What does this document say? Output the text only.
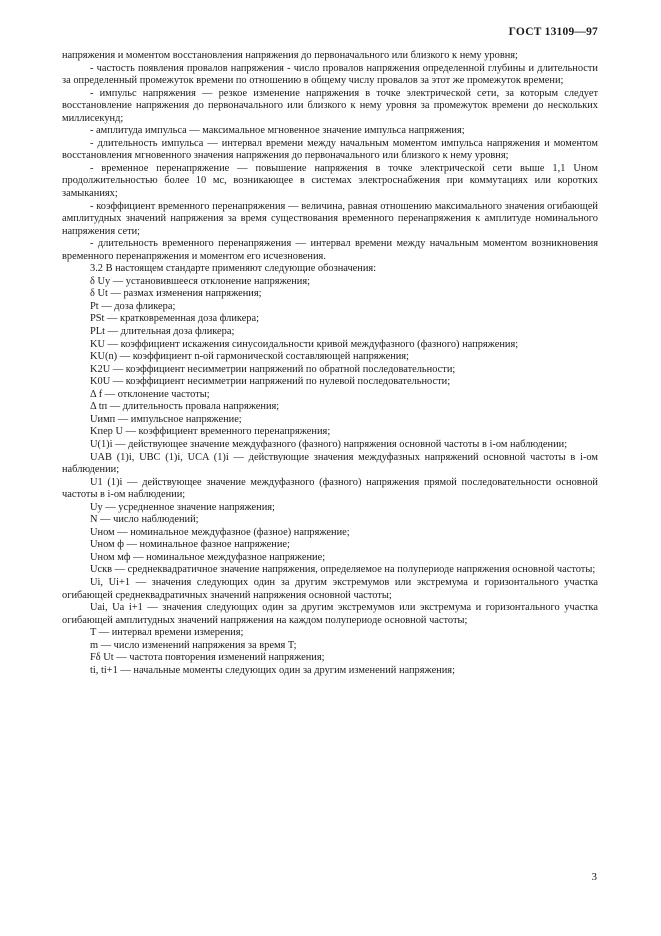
ГОСТ 13109—97

напряжения и моментом восстановления напряжения до первоначального или близкого к нему уровня;

- частость появления провалов напряжения - число провалов напряжения определенной глубины и длительности за определенный промежуток времени по отношению в общему числу провалов за этот же промежуток времени;

- импульс напряжения — резкое изменение напряжения в точке электрической сети, за которым следует восстановление напряжения до первоначального или близкого к нему уровня за промежуток времени до нескольких миллисекунд;

- амплитуда импульса — максимальное мгновенное значение импульса напряжения;

- длительность импульса — интервал времени между начальным моментом импульса напряжения и моментом восстановления мгновенного значения напряжения до первоначального или близкого к нему уровня;

- временное перенапряжение — повышение напряжения в точке электрической сети выше 1,1 Uном продолжительностью более 10 мс, возникающее в системах электроснабжения при коммутациях или коротких замыканиях;

- коэффициент временного перенапряжения — величина, равная отношению максимального значения огибающей амплитудных значений напряжения за время существования временного перенапряжения к амплитуде номинального напряжения сети;

- длительность временного перенапряжения — интервал времени между начальным моментом возникновения временного перенапряжения и моментом его исчезновения.

3.2 В настоящем стандарте применяют следующие обозначения:

δ Uy — установившееся отклонение напряжения;

δ Ut — размах изменения напряжения;

Pt — доза фликера;

PSt — кратковременная доза фликера;

PLt — длительная доза фликера;

KU — коэффициент искажения синусоидальности кривой междуфазного (фазного) напряжения;

KU(n) — коэффициент n-ой гармонической составляющей напряжения;

K2U — коэффициент несимметрии напряжений по обратной последовательности;

K0U — коэффициент несимметрии напряжений по нулевой последовательности;

Δ f — отклонение частоты;

Δ tп — длительность провала напряжения;

Uимп — импульсное напряжение;

Kпер U — коэффициент временного перенапряжения;

U(1)i — действующее значение междуфазного (фазного) напряжения основной частоты в i-ом наблюдении;

UAB (1)i, UBC (1)i, UCA (1)i — действующие значения междуфазных напряжений основной частоты в i-ом наблюдении;

U1 (1)i — действующее значение междуфазного (фазного) напряжения прямой последовательности основной частоты в i-ом наблюдении;

Uy — усредненное значение напряжения;

N — число наблюдений;

Uном — номинальное междуфазное (фазное) напряжение;

Uном ф — номинальное фазное напряжение;

Uном мф — номинальное междуфазное напряжение;

Uскв — среднеквадратичное значение напряжения, определяемое на полупериоде напряжения основной частоты;

Ui, Ui+1 — значения следующих один за другим экстремумов или экстремума и горизонтального участка огибающей среднеквадратичных значений напряжения основной частоты;

Uai, Ua i+1 — значения следующих один за другим экстремумов или экстремума и горизонтального участка огибающей амплитудных значений напряжения на каждом полупериоде основной частоты;

T — интервал времени измерения;

m — число изменений напряжения за время T;

Fδ Ut — частота повторения изменений напряжения;

ti, ti+1 — начальные моменты следующих один за другим изменений напряжения;

3
